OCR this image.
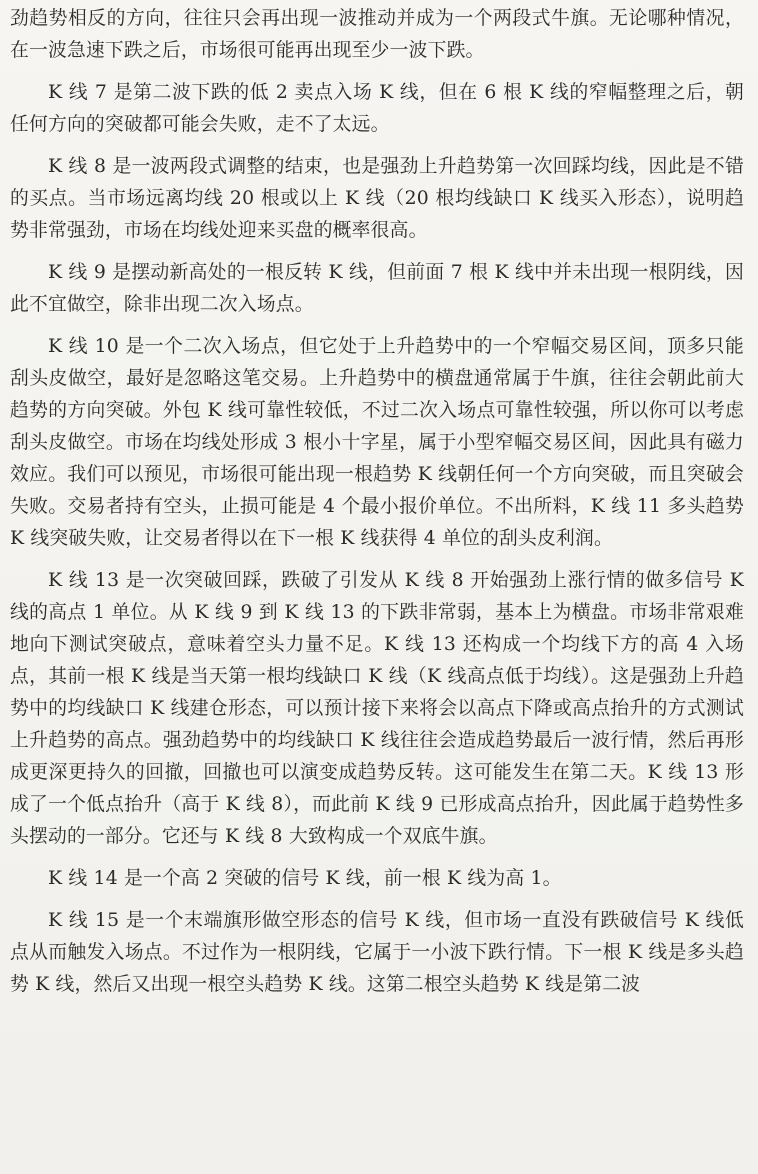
劲趋势相反的方向，往往只会再出现一波推动并成为一个两段式牛旗。无论哪种情况，在一波急速下跌之后，市场很可能再出现至少一波下跌。

K 线 7 是第二波下跌的低 2 卖点入场 K 线，但在 6 根 K 线的窄幅整理之后，朝任何方向的突破都可能会失败，走不了太远。

K 线 8 是一波两段式调整的结束，也是强劲上升趋势第一次回踩均线，因此是不错的买点。当市场远离均线 20 根或以上 K 线（20 根均线缺口 K 线买入形态），说明趋势非常强劲，市场在均线处迎来买盘的概率很高。

K 线 9 是摆动新高处的一根反转 K 线，但前面 7 根 K 线中并未出现一根阴线，因此不宜做空，除非出现二次入场点。

K 线 10 是一个二次入场点，但它处于上升趋势中的一个窄幅交易区间，顶多只能刮头皮做空，最好是忽略这笔交易。上升趋势中的横盘通常属于牛旗，往往会朝此前大趋势的方向突破。外包 K 线可靠性较低，不过二次入场点可靠性较强，所以你可以考虑刮头皮做空。市场在均线处形成 3 根小十字星，属于小型窄幅交易区间，因此具有磁力效应。我们可以预见，市场很可能出现一根趋势 K 线朝任何一个方向突破，而且突破会失败。交易者持有空头，止损可能是 4 个最小报价单位。不出所料，K 线 11 多头趋势 K 线突破失败，让交易者得以在下一根 K 线获得 4 单位的刮头皮利润。

K 线 13 是一次突破回踩，跌破了引发从 K 线 8 开始强劲上涨行情的做多信号 K 线的高点 1 单位。从 K 线 9 到 K 线 13 的下跌非常弱，基本上为横盘。市场非常艰难地向下测试突破点，意味着空头力量不足。K 线 13 还构成一个均线下方的高 4 入场点，其前一根 K 线是当天第一根均线缺口 K 线（K 线高点低于均线）。这是强劲上升趋势中的均线缺口 K 线建仓形态，可以预计接下来将会以高点下降或高点抬升的方式测试上升趋势的高点。强劲趋势中的均线缺口 K 线往往会造成趋势最后一波行情，然后再形成更深更持久的回撤，回撤也可以演变成趋势反转。这可能发生在第二天。K 线 13 形成了一个低点抬升（高于 K 线 8），而此前 K 线 9 已形成高点抬升，因此属于趋势性多头摆动的一部分。它还与 K 线 8 大致构成一个双底牛旗。

K 线 14 是一个高 2 突破的信号 K 线，前一根 K 线为高 1。

K 线 15 是一个末端旗形做空形态的信号 K 线，但市场一直没有跌破信号 K 线低点从而触发入场点。不过作为一根阴线，它属于一小波下跌行情。下一根 K 线是多头趋势 K 线，然后又出现一根空头趋势 K 线。这第二根空头趋势 K 线是第二波
